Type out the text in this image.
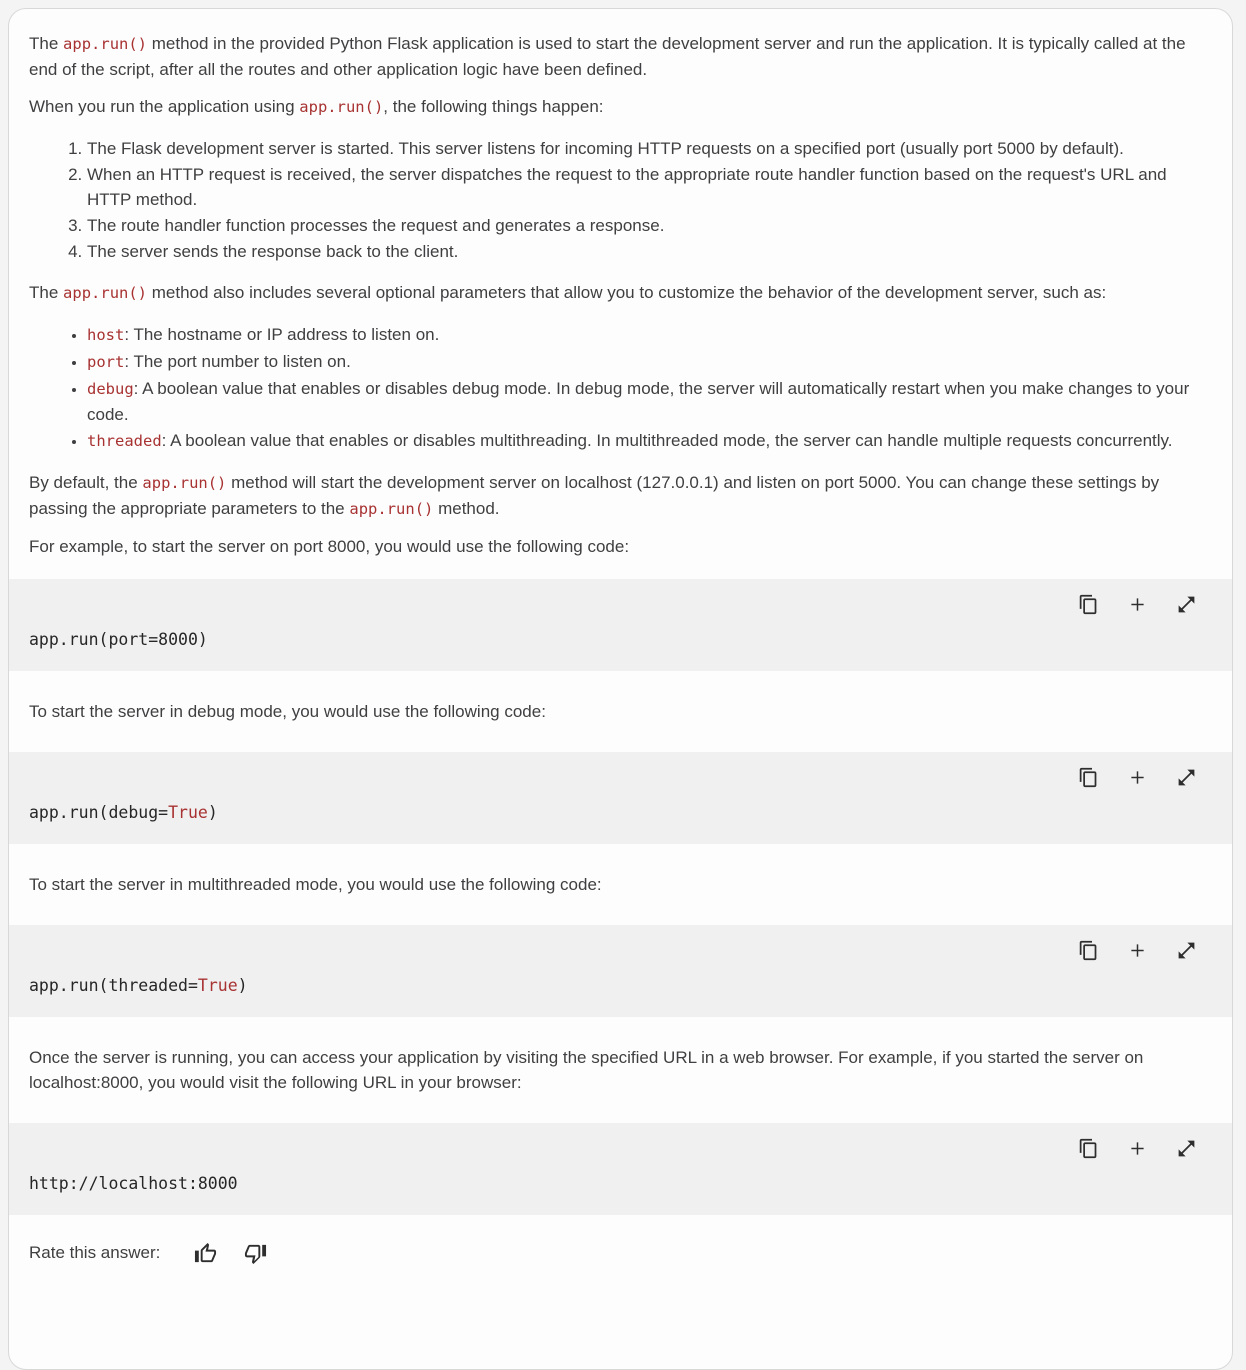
The app.run() method in the provided Python Flask application is used to start the development server and run the application. It is typically called at the end of the script, after all the routes and other application logic have been defined.

When you run the application using app.run(), the following things happen:

1. The Flask development server is started. This server listens for incoming HTTP requests on a specified port (usually port 5000 by default).
2. When an HTTP request is received, the server dispatches the request to the appropriate route handler function based on the request's URL and HTTP method.
3. The route handler function processes the request and generates a response.
4. The server sends the response back to the client.

The app.run() method also includes several optional parameters that allow you to customize the behavior of the development server, such as:

• host: The hostname or IP address to listen on.
• port: The port number to listen on.
• debug: A boolean value that enables or disables debug mode. In debug mode, the server will automatically restart when you make changes to your code.
• threaded: A boolean value that enables or disables multithreading. In multithreaded mode, the server can handle multiple requests concurrently.

By default, the app.run() method will start the development server on localhost (127.0.0.1) and listen on port 5000. You can change these settings by passing the appropriate parameters to the app.run() method.

For example, to start the server on port 8000, you would use the following code:

app.run(port=8000)

To start the server in debug mode, you would use the following code:

app.run(debug=True)

To start the server in multithreaded mode, you would use the following code:

app.run(threaded=True)

Once the server is running, you can access your application by visiting the specified URL in a web browser. For example, if you started the server on localhost:8000, you would visit the following URL in your browser:

http://localhost:8000
Rate this answer:
